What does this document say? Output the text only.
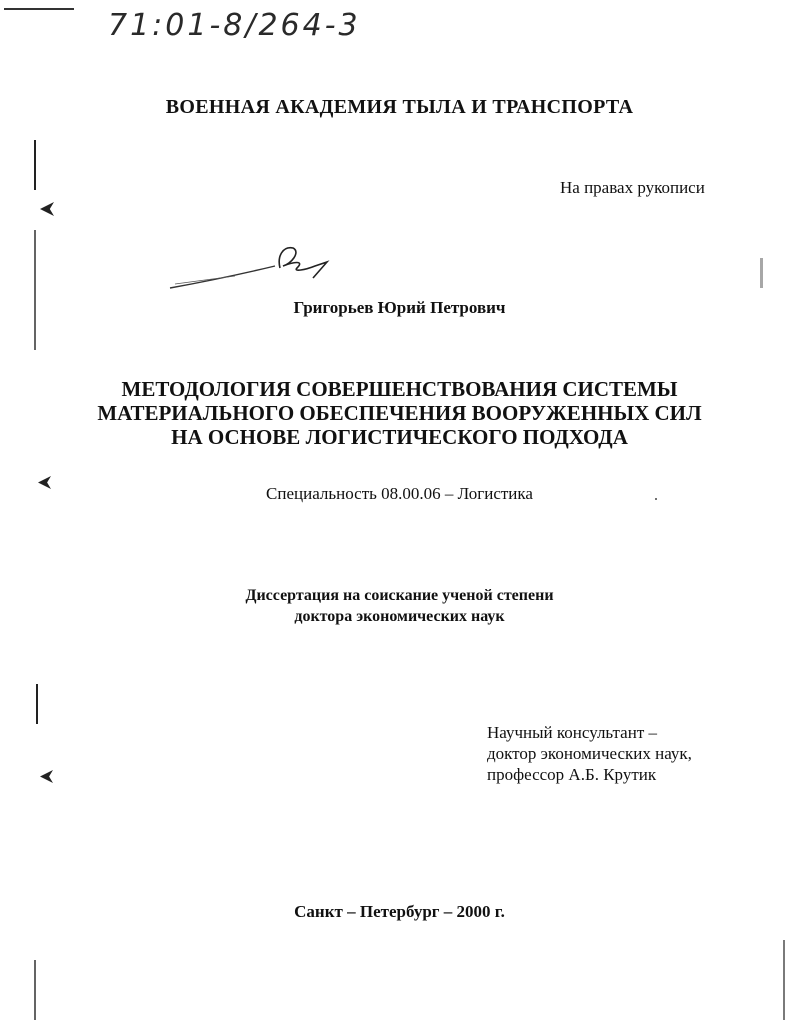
71:01-8/264-3
ВОЕННАЯ АКАДЕМИЯ ТЫЛА И ТРАНСПОРТА
На правах рукописи
Григорьев Юрий Петрович
МЕТОДОЛОГИЯ СОВЕРШЕНСТВОВАНИЯ СИСТЕМЫ
МАТЕРИАЛЬНОГО ОБЕСПЕЧЕНИЯ ВООРУЖЕННЫХ СИЛ
НА ОСНОВЕ ЛОГИСТИЧЕСКОГО ПОДХОДА
Специальность 08.00.06 – Логистика
Диссертация на соискание ученой степени
доктора экономических наук
Научный консультант –
доктор экономических наук,
профессор А.Б. Крутик
Санкт – Петербург – 2000 г.
